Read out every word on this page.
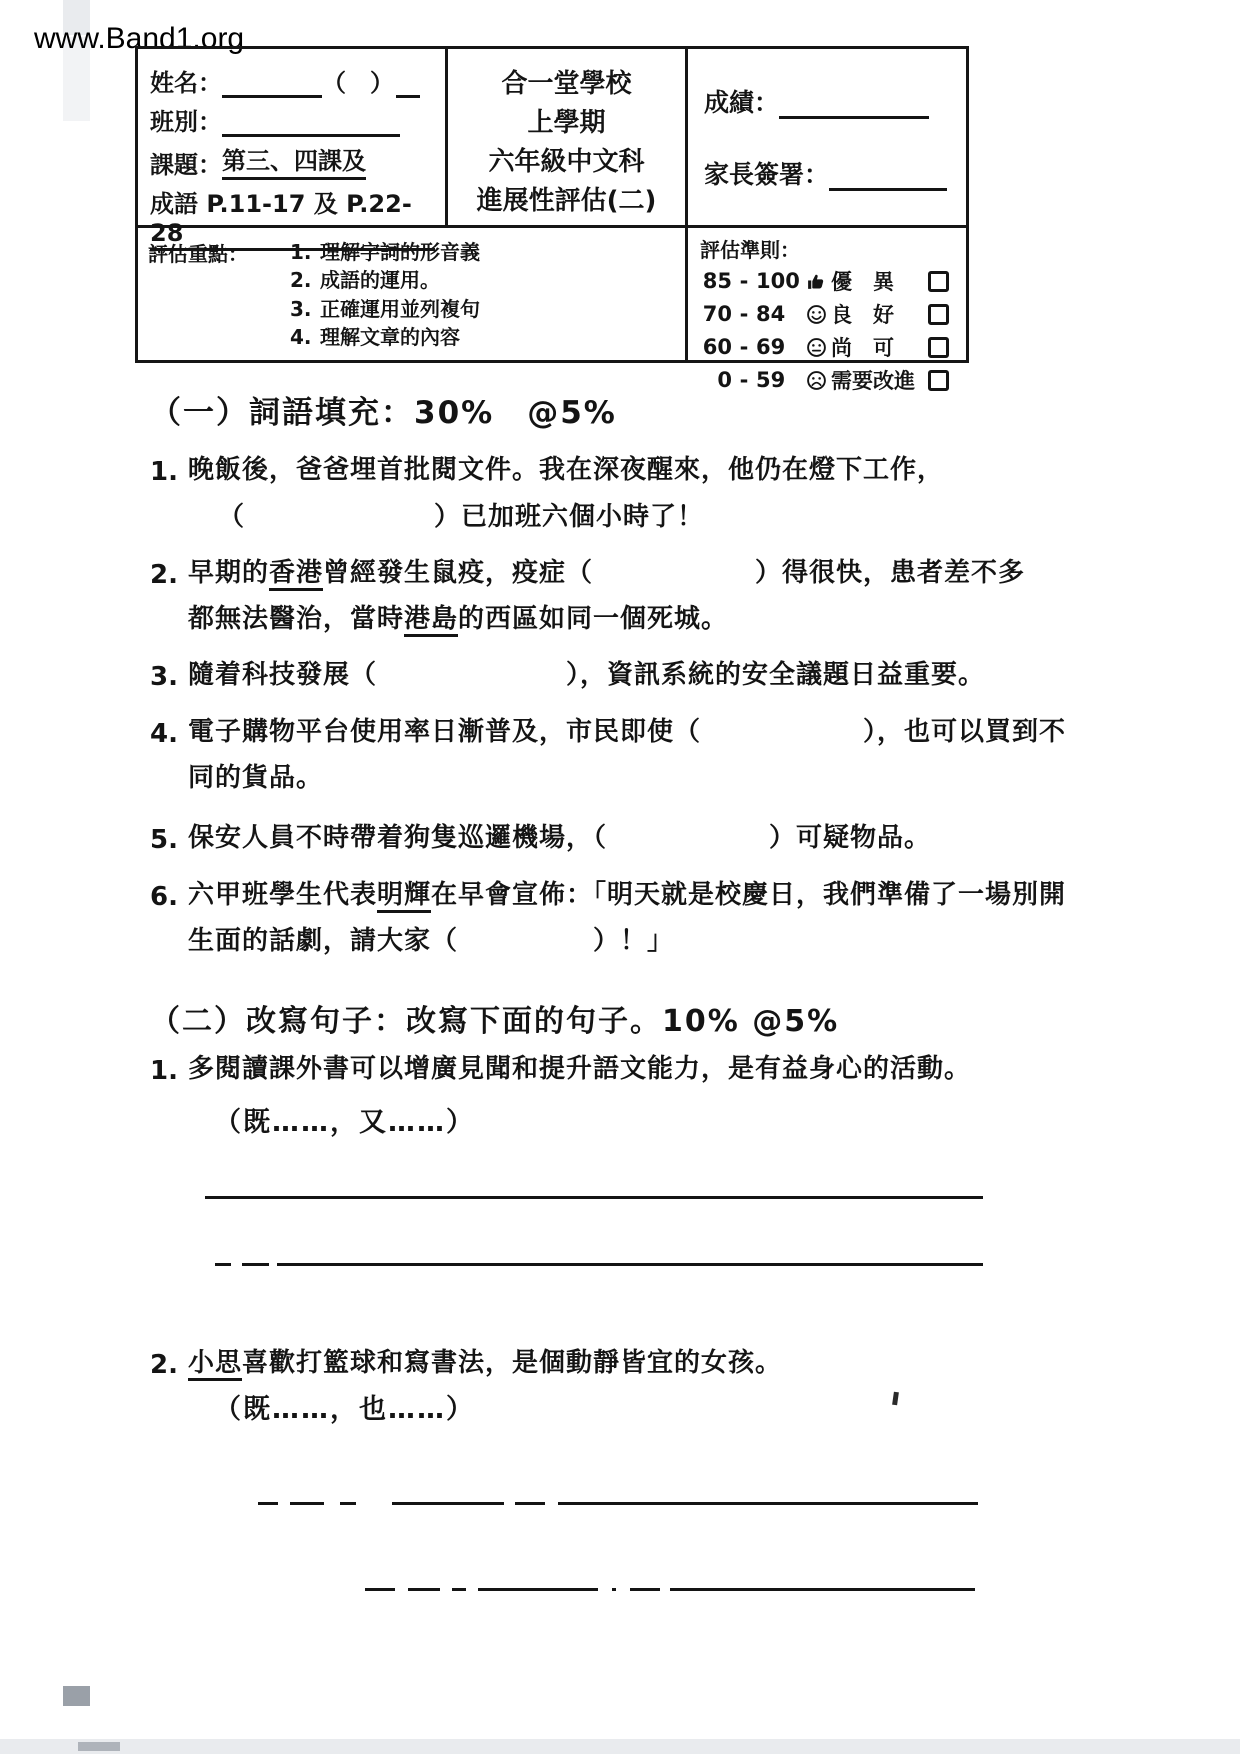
www.Band1.org
姓名：	（　）
班別：
課題： 第三、四課及
成語 P.11-17 及 P.22-28
合一堂學校
上學期
六年級中文科
進展性評估(二)
成績：
家長簽署：
評估重點：	1. 理解字詞的形音義
2. 成語的運用。
3. 正確運用並列複句
4. 理解文章的內容
評估準則：
85 - 100 優　異
70 - 84	良　好
60 - 69	尚　可
0 - 59	需要改進
（一）詞語填充：30%　@5%
1. 晚飯後，爸爸埋首批閱文件。我在深夜醒來，他仍在燈下工作，
（　　　　　　　）已加班六個小時了！
2. 早期的香港曾經發生鼠疫，疫症（　　　　　　）得很快，患者差不多
都無法醫治，當時港島的西區如同一個死城。
3. 隨着科技發展（　　　　　　　），資訊系統的安全議題日益重要。
4. 電子購物平台使用率日漸普及，市民即使（　　　　　　），也可以買到不
同的貨品。
5. 保安人員不時帶着狗隻巡邏機場，（　　　　　　）可疑物品。
6. 六甲班學生代表明輝在早會宣佈：「明天就是校慶日，我們準備了一場別開
生面的話劇，請大家（　　　　　）！」
（二）改寫句子：改寫下面的句子。10% @5%
1. 多閱讀課外書可以增廣見聞和提升語文能力，是有益身心的活動。
（既……，又……）
2. 小思喜歡打籃球和寫書法，是個動靜皆宜的女孩。
（既……，也……）
